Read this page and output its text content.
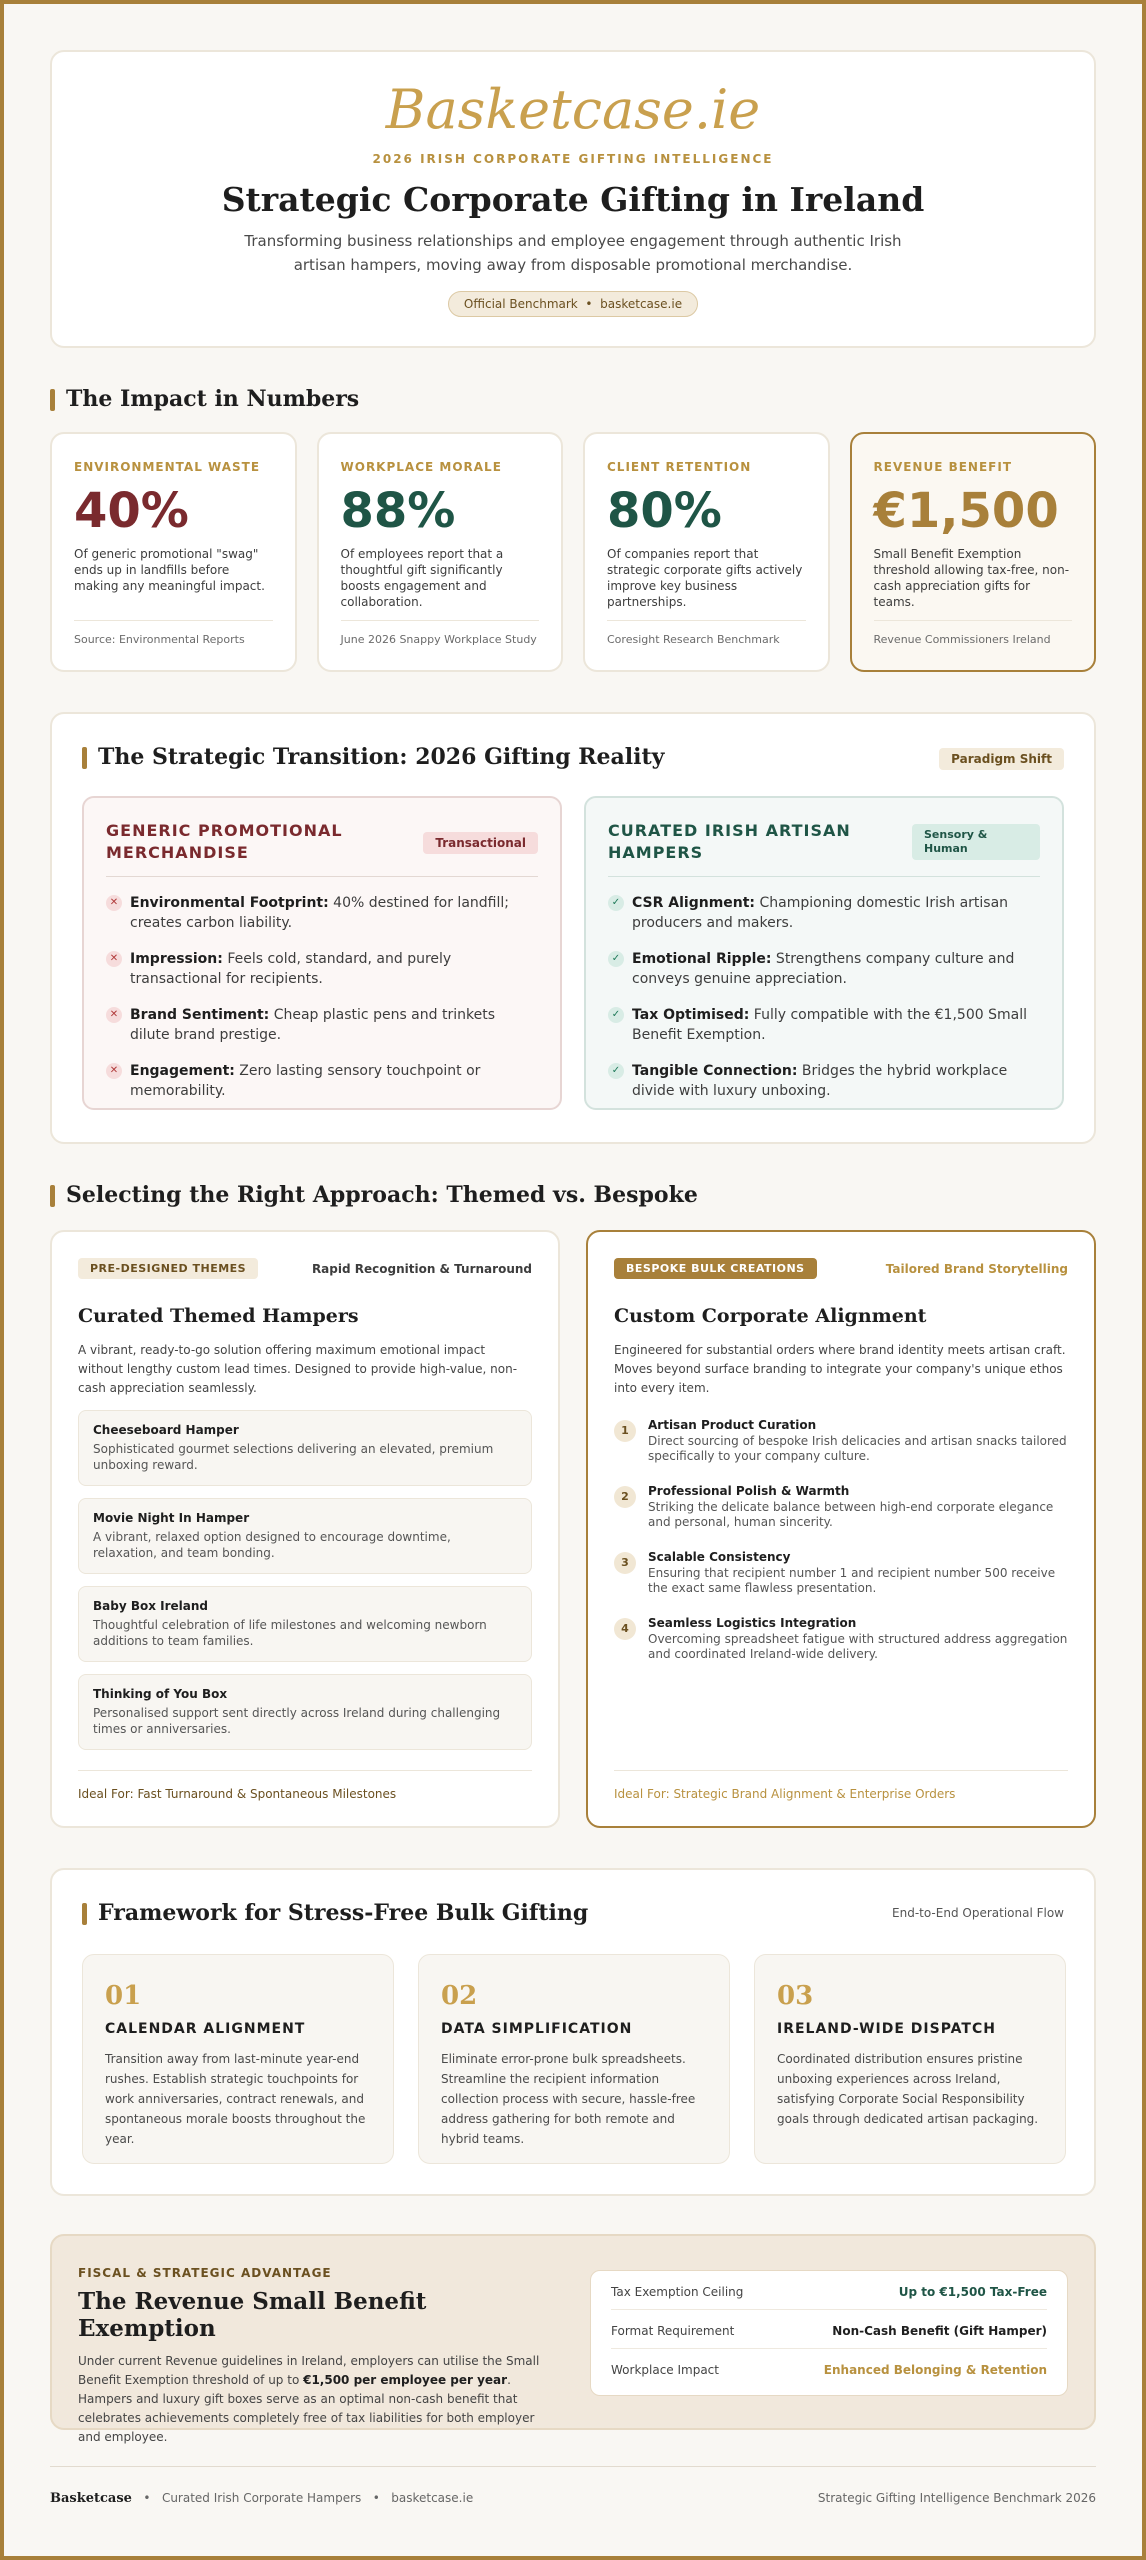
Basketcase.ie
2026 IRISH CORPORATE GIFTING INTELLIGENCE
Strategic Corporate Gifting in Ireland
Transforming business relationships and employee engagement through authentic Irish artisan hampers, moving away from disposable promotional merchandise.
Official Benchmark • basketcase.ie
The Impact in Numbers
ENVIRONMENTAL WASTE
40%
Of generic promotional "swag" ends up in landfills before making any meaningful impact.
Source: Environmental Reports
WORKPLACE MORALE
88%
Of employees report that a thoughtful gift significantly boosts engagement and collaboration.
June 2026 Snappy Workplace Study
CLIENT RETENTION
80%
Of companies report that strategic corporate gifts actively improve key business partnerships.
Coresight Research Benchmark
REVENUE BENEFIT
€1,500
Small Benefit Exemption threshold allowing tax-free, non-cash appreciation gifts for teams.
Revenue Commissioners Ireland
The Strategic Transition: 2026 Gifting Reality	Paradigm Shift
GENERIC PROMOTIONAL MERCHANDISE	Transactional
✕ Environmental Footprint: 40% destined for landfill; creates carbon liability.
✕ Impression: Feels cold, standard, and purely transactional for recipients.
✕ Brand Sentiment: Cheap plastic pens and trinkets dilute brand prestige.
✕ Engagement: Zero lasting sensory touchpoint or memorability.
CURATED IRISH ARTISAN HAMPERS
Sensory & Human
✓ CSR Alignment: Championing domestic Irish artisan producers and makers.
✓ Emotional Ripple: Strengthens company culture and conveys genuine appreciation.
✓ Tax Optimised: Fully compatible with the €1,500 Small Benefit Exemption.
✓ Tangible Connection: Bridges the hybrid workplace divide with luxury unboxing.
Selecting the Right Approach: Themed vs. Bespoke
PRE-DESIGNED THEMES	Rapid Recognition & Turnaround
Curated Themed Hampers
A vibrant, ready-to-go solution offering maximum emotional impact without lengthy custom lead times. Designed to provide high-value, non-cash appreciation seamlessly.
Cheeseboard Hamper
Sophisticated gourmet selections delivering an elevated, premium unboxing reward.
Movie Night In Hamper
A vibrant, relaxed option designed to encourage downtime, relaxation, and team bonding.
Baby Box Ireland
Thoughtful celebration of life milestones and welcoming newborn additions to team families.
Thinking of You Box
Personalised support sent directly across Ireland during challenging times or anniversaries.
Ideal For: Fast Turnaround & Spontaneous Milestones
BESPOKE BULK CREATIONS	Tailored Brand Storytelling
Custom Corporate Alignment
Engineered for substantial orders where brand identity meets artisan craft. Moves beyond surface branding to integrate your company's unique ethos into every item.
1	Artisan Product Curation
Direct sourcing of bespoke Irish delicacies and artisan snacks tailored specifically to your company culture.
2	Professional Polish & Warmth
Striking the delicate balance between high-end corporate elegance and personal, human sincerity.
3	Scalable Consistency
Ensuring that recipient number 1 and recipient number 500 receive the exact same flawless presentation.
4	Seamless Logistics Integration
Overcoming spreadsheet fatigue with structured address aggregation and coordinated Ireland-wide delivery.
Ideal For: Strategic Brand Alignment & Enterprise Orders
Framework for Stress-Free Bulk Gifting	End-to-End Operational Flow
01
CALENDAR ALIGNMENT

Transition away from last-minute year-end rushes. Establish strategic touchpoints for work anniversaries, contract renewals, and spontaneous morale boosts throughout the year.

02
DATA SIMPLIFICATION

Eliminate error-prone bulk spreadsheets. Streamline the recipient information collection process with secure, hassle-free address gathering for both remote and hybrid teams.

03
IRELAND-WIDE DISPATCH

Coordinated distribution ensures pristine unboxing experiences across Ireland, satisfying Corporate Social Responsibility goals through dedicated artisan packaging.

FISCAL & STRATEGIC ADVANTAGE
The Revenue Small Benefit Exemption
Under current Revenue guidelines in Ireland, employers can utilise the Small Benefit Exemption threshold of up to €1,500 per employee per year. Hampers and luxury gift boxes serve as an optimal non-cash benefit that celebrates achievements completely free of tax liabilities for both employer and employee.
Tax Exemption Ceiling	Up to €1,500 Tax-Free
Format Requirement	Non-Cash Benefit (Gift Hamper)
Workplace Impact	Enhanced Belonging & Retention
Basketcase • Curated Irish Corporate Hampers • basketcase.ie	Strategic Gifting Intelligence Benchmark 2026
